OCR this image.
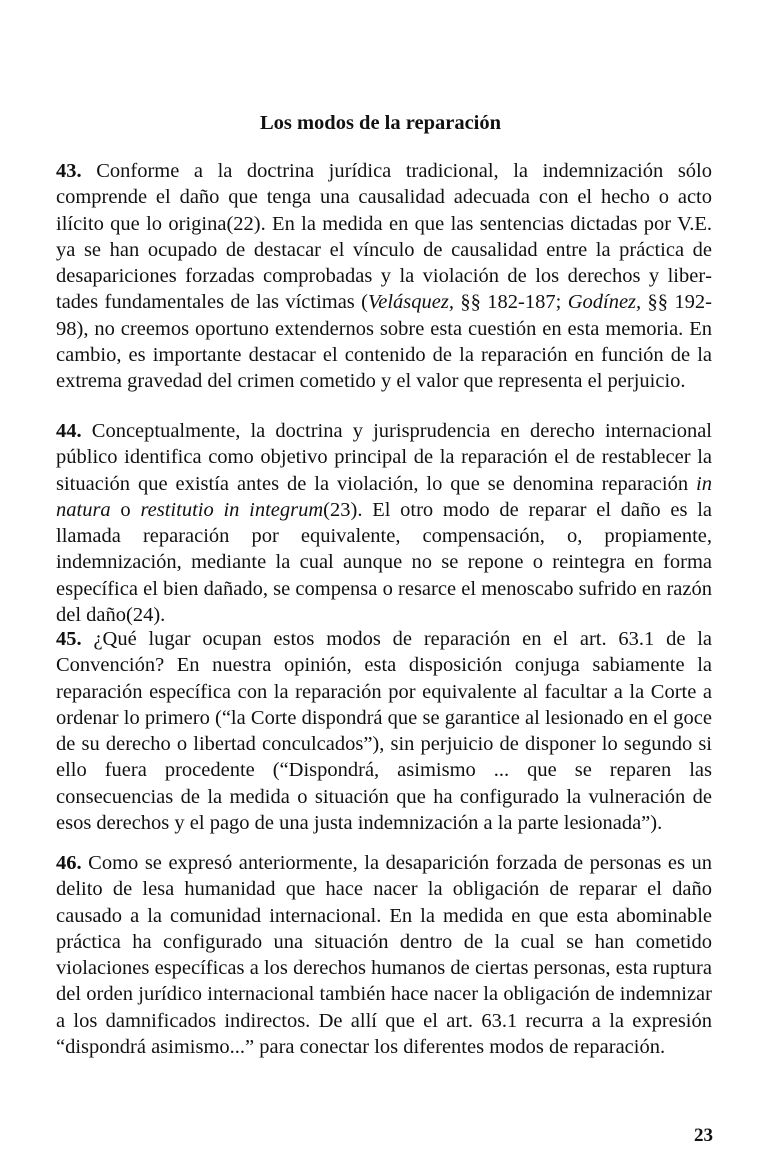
Los modos de la reparación

43. Conforme a la doctrina jurídica tradicional, la indemnización sólo comprende el daño que tenga una causalidad adecuada con el hecho o acto ilícito que lo origina(22). En la medida en que las sentencias dictadas por V.E. ya se han ocupado de destacar el vínculo de causalidad entre la práctica de desapariciones forzadas comprobadas y la violación de los derechos y libertades fundamentales de las víctimas (Velásquez, §§ 182-187; Godínez, §§ 192-98), no creemos oportuno extendernos sobre esta cuestión en esta memoria. En cambio, es importante destacar el contenido de la reparación en función de la extrema gravedad del crimen cometido y el valor que representa el perjuicio.

44. Conceptualmente, la doctrina y jurisprudencia en derecho internacional público identifica como objetivo principal de la reparación el de restablecer la situación que existía antes de la violación, lo que se denomina reparación in natura o restitutio in integrum(23). El otro modo de reparar el daño es la llamada reparación por equivalente, compensación, o, propiamente, indemnización, mediante la cual aunque no se repone o reintegra en forma específica el bien dañado, se compensa o resarce el menoscabo sufrido en razón del daño(24).

45. ¿Qué lugar ocupan estos modos de reparación en el art. 63.1 de la Convención? En nuestra opinión, esta disposición conjuga sabiamente la reparación específica con la reparación por equivalente al facultar a la Corte a ordenar lo primero (“la Corte dispondrá que se garantice al lesionado en el goce de su derecho o libertad conculcados”), sin perjuicio de disponer lo segundo si ello fuera procedente (“Dispondrá, asimismo ... que se reparen las consecuencias de la medida o situación que ha configurado la vulneración de esos derechos y el pago de una justa indemnización a la parte lesionada”).

46. Como se expresó anteriormente, la desaparición forzada de personas es un delito de lesa humanidad que hace nacer la obligación de reparar el daño causado a la comunidad internacional. En la medida en que esta abominable práctica ha configurado una situación dentro de la cual se han cometido violaciones específicas a los derechos humanos de ciertas personas, esta ruptura del orden jurídico internacional también hace nacer la obligación de indemnizar a los damnificados indirectos. De allí que el art. 63.1 recurra a la expresión “dispondrá asimismo...” para conectar los diferentes modos de reparación.

23
